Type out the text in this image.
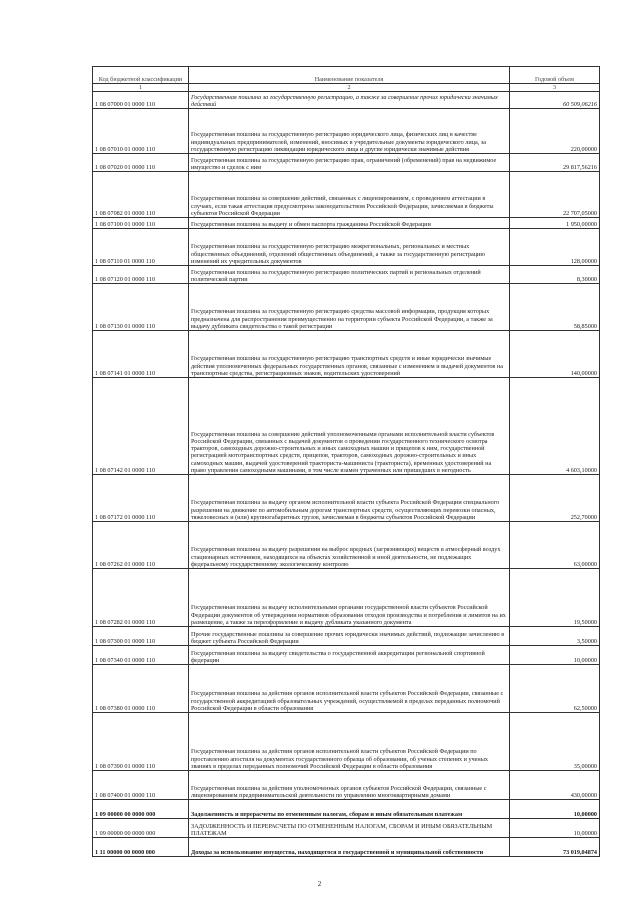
Код бюджетной классификации	Наименование показателя	Годовой объем
1	2	3
1 08 07000 01 0000 110	Государственная пошлина за государственную регистрацию, а также за совершение прочих юридически значимых действий	60 509,06216
1 08 07010 01 0000 110	Государственная пошлина за государственную регистрацию юридического лица, физических лиц в качестве индивидуальных предпринимателей, изменений, вносимых в учредительные документы юридического лица, за государственную регистрацию ликвидации юридического лица и другие юридически значимые действия	220,00000
1 08 07020 01 0000 110	Государственная пошлина за государственную регистрацию прав, ограничений (обременений) прав на недвижимое имущество и сделок с ним	29 817,56216
1 08 07082 01 0000 110	Государственная пошлина за совершение действий, связанных с лицензированием, с проведением аттестации в случаях, если такая аттестация предусмотрена законодательством Российской Федерации, зачисляемая в бюджеты субъектов Российской Федерации	22 707,05000
1 08 07100 01 0000 110	Государственная пошлина за выдачу и обмен паспорта гражданина Российской Федерации	1 950,00000
1 08 07110 01 0000 110	Государственная пошлина за государственную регистрацию межрегиональных, региональных и местных общественных объединений, отделений общественных объединений, а также за государственную регистрацию изменений их учредительных документов	128,00000
1 08 07120 01 0000 110	Государственная пошлина за государственную регистрацию политических партий и региональных отделений политической партии	8,30000
1 08 07130 01 0000 110	Государственная пошлина за государственную регистрацию средства массовой информации, продукция которых предназначена для распространения преимущественно на территории субъекта Российской Федерации, а также за выдачу дубликата свидетельства о такой регистрации	58,85000
1 08 07141 01 0000 110	Государственная пошлина за государственную регистрацию транспортных средств и иные юридически значимые действия уполномоченных федеральных государственных органов, связанные с изменением и выдачей документов на транспортные средства, регистрационных знаков, водительских удостоверений	140,00000
1 08 07142 01 0000 110	Государственная пошлина за совершение действий уполномоченными органами исполнительной власти субъектов Российской Федерации, связанных с выдачей документов о проведении государственного технического осмотра тракторов, самоходных дорожно-строительных и иных самоходных машин и прицепов к ним, государственной регистрацией мототранспортных средств, прицепов, тракторов, самоходных дорожно-строительных и иных самоходных машин, выдачей удостоверений тракториста-машиниста (тракториста), временных удостоверений на право управления самоходными машинами, в том числе взамен утраченных или пришедших в негодность	4 603,10000
1 08 07172 01 0000 110	Государственная пошлина за выдачу органом исполнительной власти субъекта Российской Федерации специального разрешения на движение по автомобильным дорогам транспортных средств, осуществляющих перевозки опасных, тяжеловесных и (или) крупногабаритных грузов, зачисляемая в бюджеты субъектов Российской Федерации	252,70000
1 08 07262 01 0000 110	Государственная пошлина за выдачу разрешения на выброс вредных (загрязняющих) веществ в атмосферный воздух стационарных источников, находящихся на объектах хозяйственной и иной деятельности, не подлежащих федеральному государственному экологическому контролю	63,00000
1 08 07282 01 0000 110	Государственная пошлина за выдачу исполнительными органами государственной власти субъектов Российской Федерации документов об утверждении нормативов образования отходов производства и потребления и лимитов на их размещение, а также за переоформление и выдачу дубликата указанного документа	19,50000
1 08 07300 01 0000 110	Прочие государственные пошлины за совершение прочих юридически значимых действий, подлежащие зачислению в бюджет субъекта Российской Федерации	3,50000
1 08 07340 01 0000 110	Государственная пошлина за выдачу свидетельства о государственной аккредитации региональной спортивной федерации	10,00000
1 08 07380 01 0000 110	Государственная пошлина за действия органов исполнительной власти субъектов Российской Федерации, связанные с государственной аккредитацией образовательных учреждений, осуществляемой в пределах переданных полномочий Российской Федерации в области образования	62,50000
1 08 07390 01 0000 110	Государственная пошлина за действия органов исполнительной власти субъектов Российской Федерации по проставлению апостиля на документах государственного образца об образовании, об ученых степенях и ученых званиях в пределах переданных полномочий Российской Федерации в области образования	35,00000
1 08 07400 01 0000 110	Государственная пошлина за действия уполномоченных органов субъектов Российской Федерации, связанные с лицензированием предпринимательской деятельности по управлению многоквартирными домами	430,00000
1 09 00000 00 0000 000	Задолженность и перерасчеты по отмененным налогам, сборам и иным обязательным платежам	10,00000
1 09 00000 00 0000 000	ЗАДОЛЖЕННОСТЬ И ПЕРЕРАСЧЕТЫ ПО ОТМЕНЕННЫМ НАЛОГАМ, СБОРАМ И ИНЫМ ОБЯЗАТЕЛЬНЫМ ПЛАТЕЖАМ	10,00000
1 11 00000 00 0000 000	Доходы за использование имущества, находящегося в государственной и муниципальной собственности	73 019,04874
2
